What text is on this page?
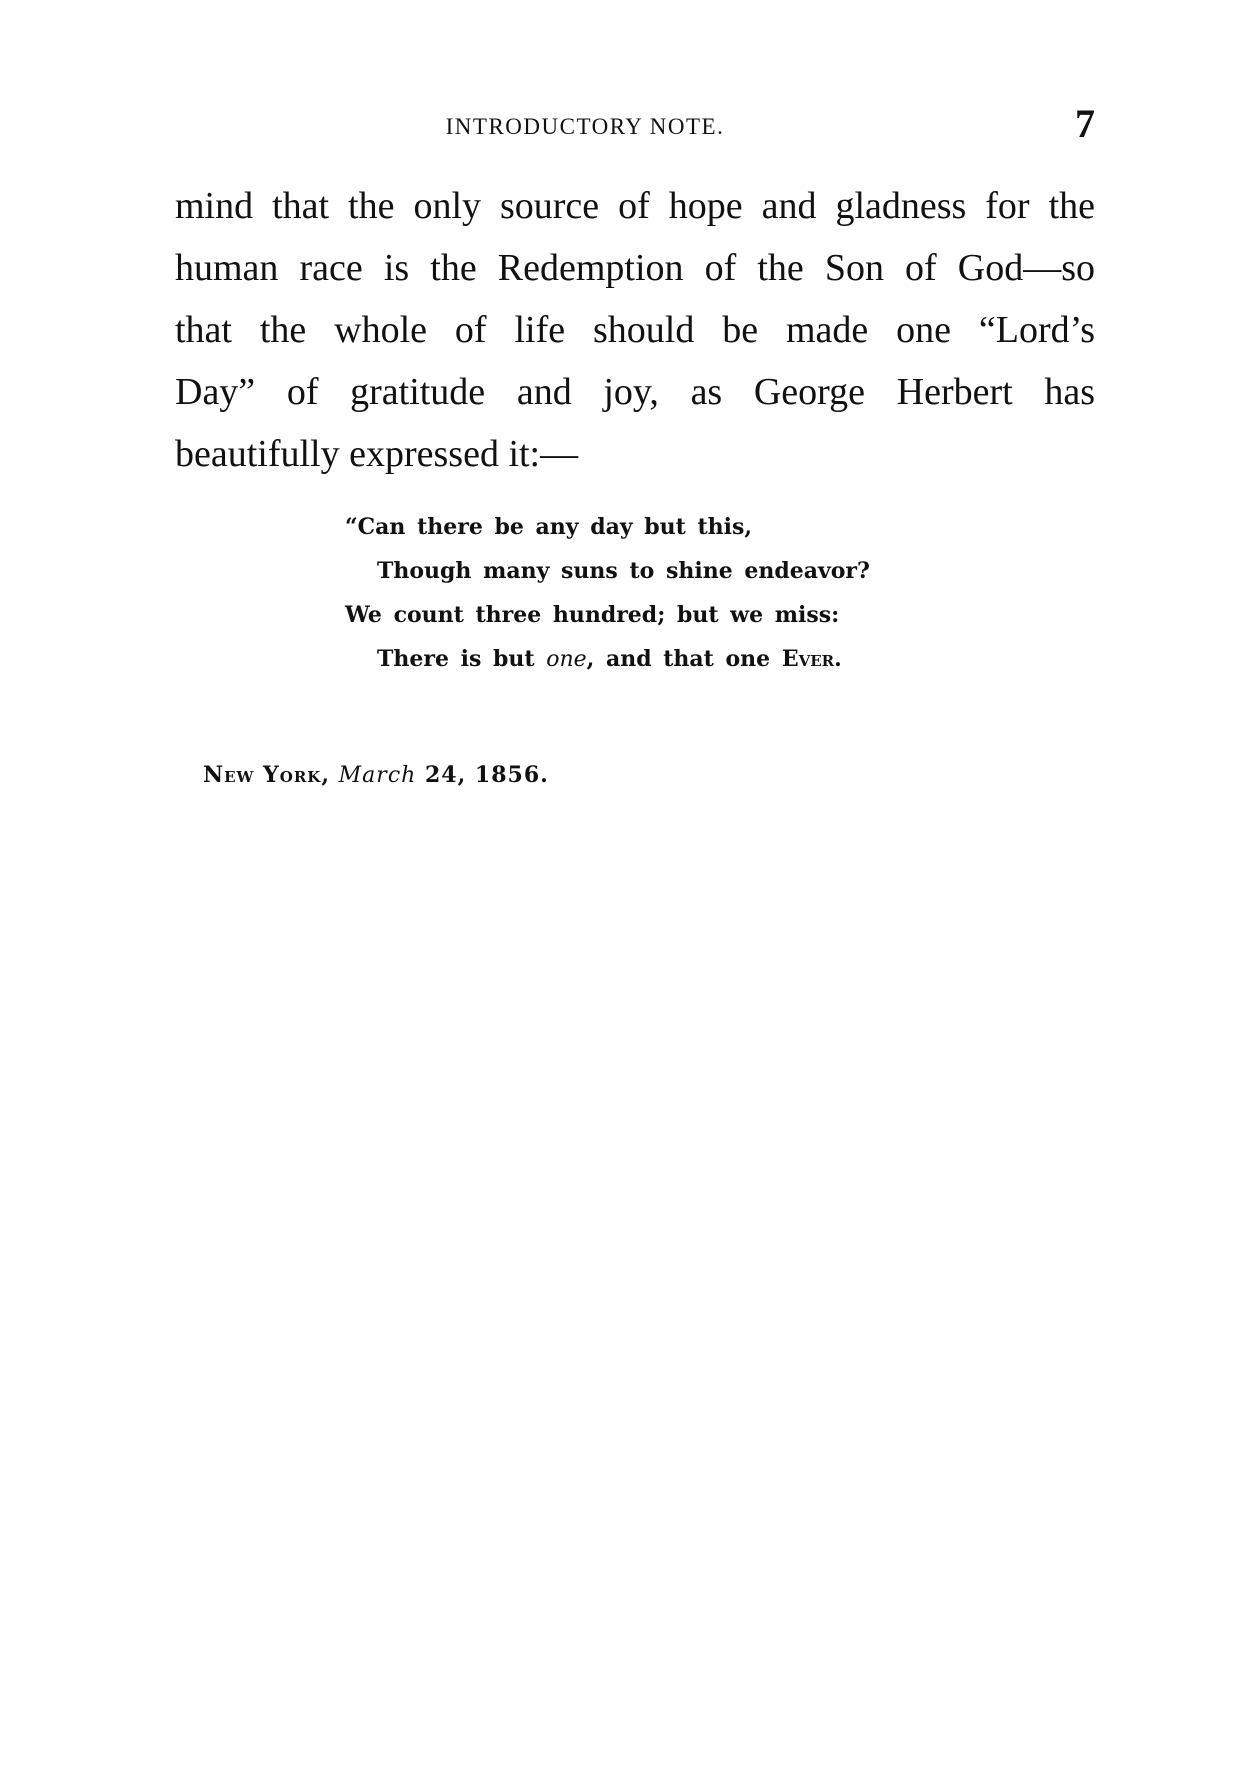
INTRODUCTORY NOTE.	7
mind that the only source of hope and gladness for the
human race is the Redemption of the Son of God—so
that the whole of life should be made one “Lord’s
Day” of gratitude and joy, as George Herbert has
beautifully expressed it:—
“Can there be any day but this,
Though many suns to shine endeavor?
We count three hundred; but we miss:
There is but one, and that one Ever.
New York, March 24, 1856.
